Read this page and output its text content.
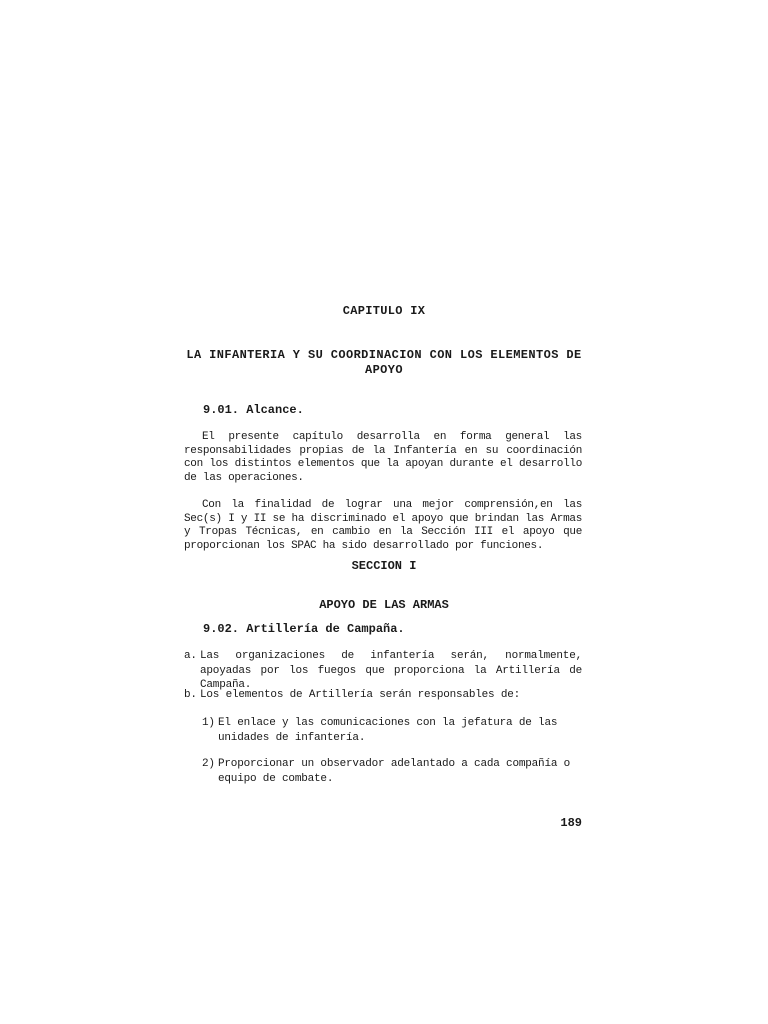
CAPITULO IX
LA INFANTERIA Y SU COORDINACION CON LOS ELEMENTOS DE APOYO
9.01. Alcance.

El presente capítulo desarrolla en forma general las responsabilidades propias de la Infantería en su coordinación con los distintos elementos que la apoyan durante el desarrollo de las operaciones.

Con la finalidad de lograr una mejor comprensión,en las Sec(s) I y II se ha discriminado el apoyo que brindan las Armas y Tropas Técnicas, en cambio en la Sección III el apoyo que proporcionan los SPAC ha sido desarrollado por funciones.

SECCION I
APOYO DE LAS ARMAS
9.02. Artillería de Campaña.
a. Las organizaciones de infantería serán, normalmente, apoyadas por los fuegos que proporciona la Artillería de Campaña.
b. Los elementos de Artillería serán responsables de:
1) El enlace y las comunicaciones con la jefatura de las
unidades de infantería.
2) Proporcionar un observador adelantado a cada compañía o
equipo de combate.
189
